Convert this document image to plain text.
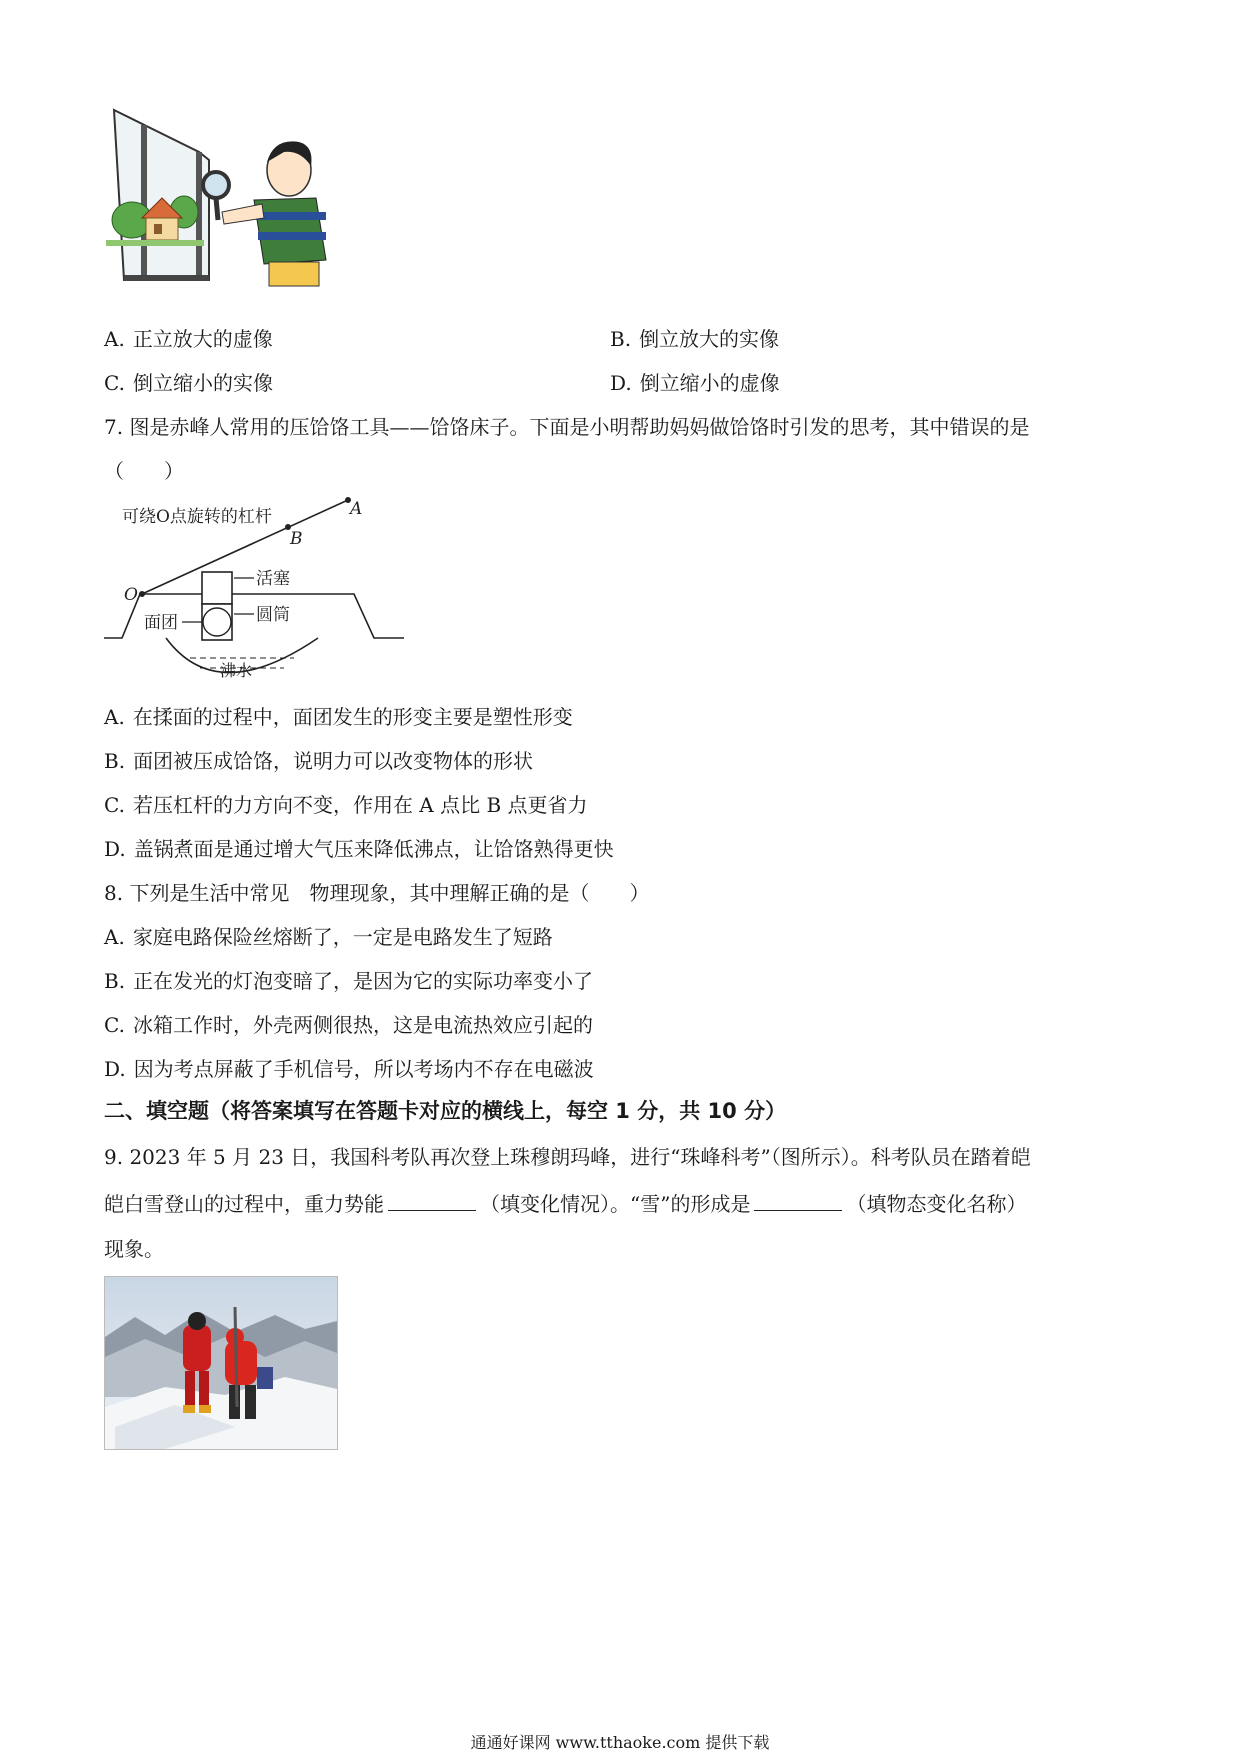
A. 正立放大的虚像	B. 倒立放大的实像
C. 倒立缩小的实像	D. 倒立缩小的虚像
7. 图是赤峰人常用的压饸饹工具——饸饹床子。下面是小明帮助妈妈做饸饹时引发的思考，其中错误的是
（　　）
可绕O点旋转的杠杆	A
B
O
活塞
圆筒
面团
沸水
A. 在揉面的过程中，面团发生的形变主要是塑性形变
B. 面团被压成饸饹，说明力可以改变物体的形状
C. 若压杠杆的力方向不变，作用在 A 点比 B 点更省力
D. 盖锅煮面是通过增大气压来降低沸点，让饸饹熟得更快
8. 下列是生活中常见　物理现象，其中理解正确的是（　　）
A. 家庭电路保险丝熔断了，一定是电路发生了短路
B. 正在发光的灯泡变暗了，是因为它的实际功率变小了
C. 冰箱工作时，外壳两侧很热，这是电流热效应引起的
D. 因为考点屏蔽了手机信号，所以考场内不存在电磁波
二、填空题（将答案填写在答题卡对应的横线上，每空 1 分，共 10 分）
9. 2023 年 5 月 23 日，我国科考队再次登上珠穆朗玛峰，进行“珠峰科考”（图所示）。科考队员在踏着皑
皑白雪登山的过程中，重力势能	（填变化情况）。“雪”的形成是	（填物态变化名称）
现象。
通通好课网 www.tthaoke.com 提供下载
